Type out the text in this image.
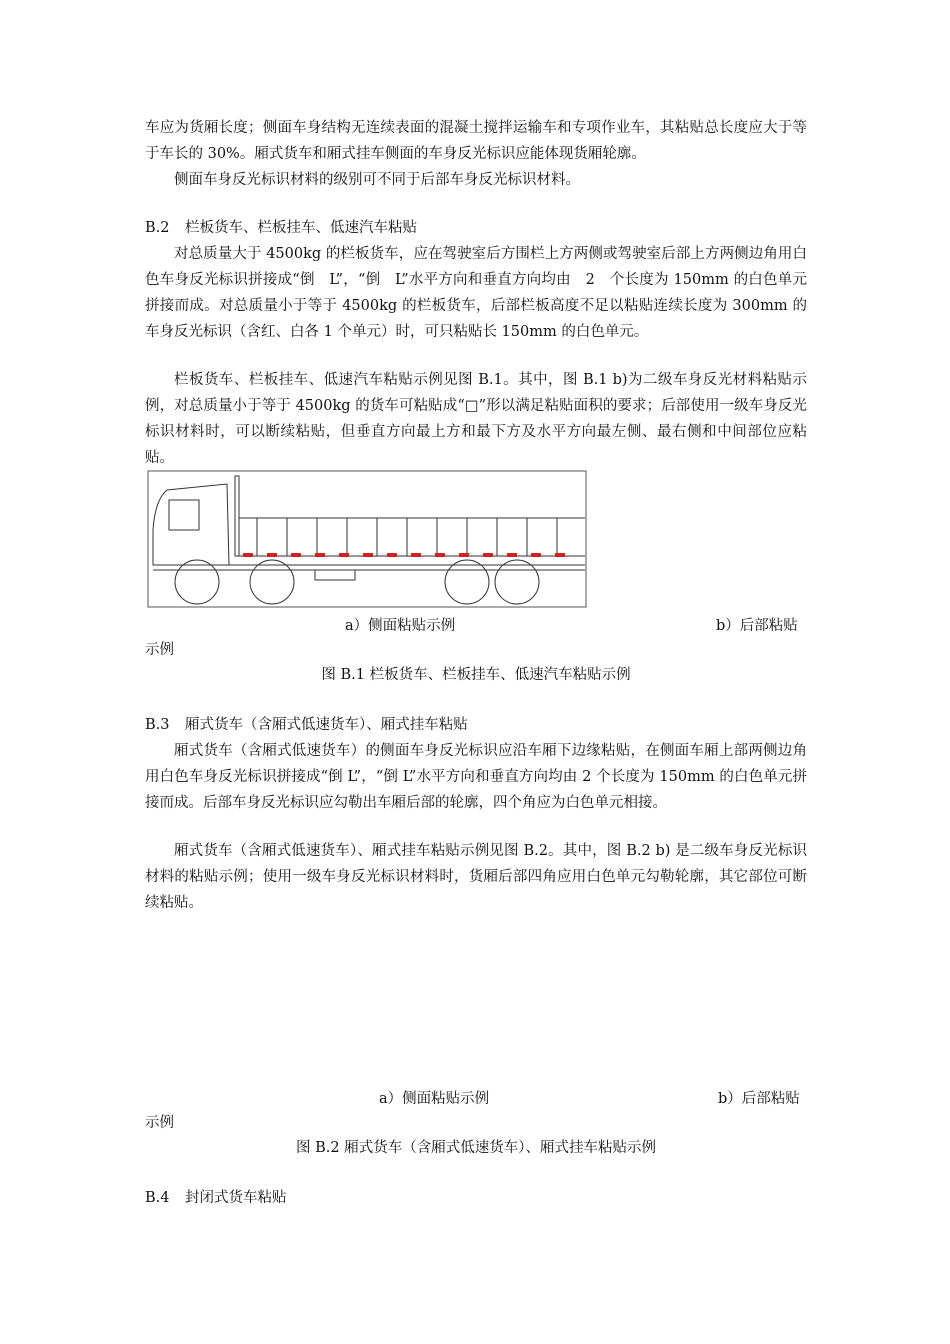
车应为货厢长度；侧面车身结构无连续表面的混凝土搅拌运输车和专项作业车，其粘贴总长度应大于等于车长的 30%。厢式货车和厢式挂车侧面的车身反光标识应能体现货厢轮廓。
侧面车身反光标识材料的级别可不同于后部车身反光标识材料。
B.2 栏板货车、栏板挂车、低速汽车粘贴
对总质量大于 4500kg 的栏板货车，应在驾驶室后方围栏上方两侧或驾驶室后部上方两侧边角用白色车身反光标识拼接成“倒　L”，“倒　L”水平方向和垂直方向均由　2　个长度为 150mm 的白色单元拼接而成。对总质量小于等于 4500kg 的栏板货车，后部栏板高度不足以粘贴连续长度为 300mm 的车身反光标识（含红、白各 1 个单元）时，可只粘贴长 150mm 的白色单元。
栏板货车、栏板挂车、低速汽车粘贴示例见图 B.1。其中，图 B.1 b)为二级车身反光材料粘贴示例，对总质量小于等于 4500kg 的货车可粘贴成“□”形以满足粘贴面积的要求；后部使用一级车身反光标识材料时，可以断续粘贴，但垂直方向最上方和最下方及水平方向最左侧、最右侧和中间部位应粘贴。
a）侧面粘贴示例	b）后部粘贴
示例
图 B.1 栏板货车、栏板挂车、低速汽车粘贴示例
B.3 厢式货车（含厢式低速货车）、厢式挂车粘贴
厢式货车（含厢式低速货车）的侧面车身反光标识应沿车厢下边缘粘贴，在侧面车厢上部两侧边角用白色车身反光标识拼接成“倒 L”，“倒 L”水平方向和垂直方向均由 2 个长度为 150mm 的白色单元拼接而成。后部车身反光标识应勾勒出车厢后部的轮廓，四个角应为白色单元相接。
厢式货车（含厢式低速货车）、厢式挂车粘贴示例见图 B.2。其中，图 B.2 b) 是二级车身反光标识材料的粘贴示例；使用一级车身反光标识材料时，货厢后部四角应用白色单元勾勒轮廓，其它部位可断续粘贴。
a）侧面粘贴示例	b）后部粘贴
示例
图 B.2 厢式货车（含厢式低速货车）、厢式挂车粘贴示例
B.4 封闭式货车粘贴
